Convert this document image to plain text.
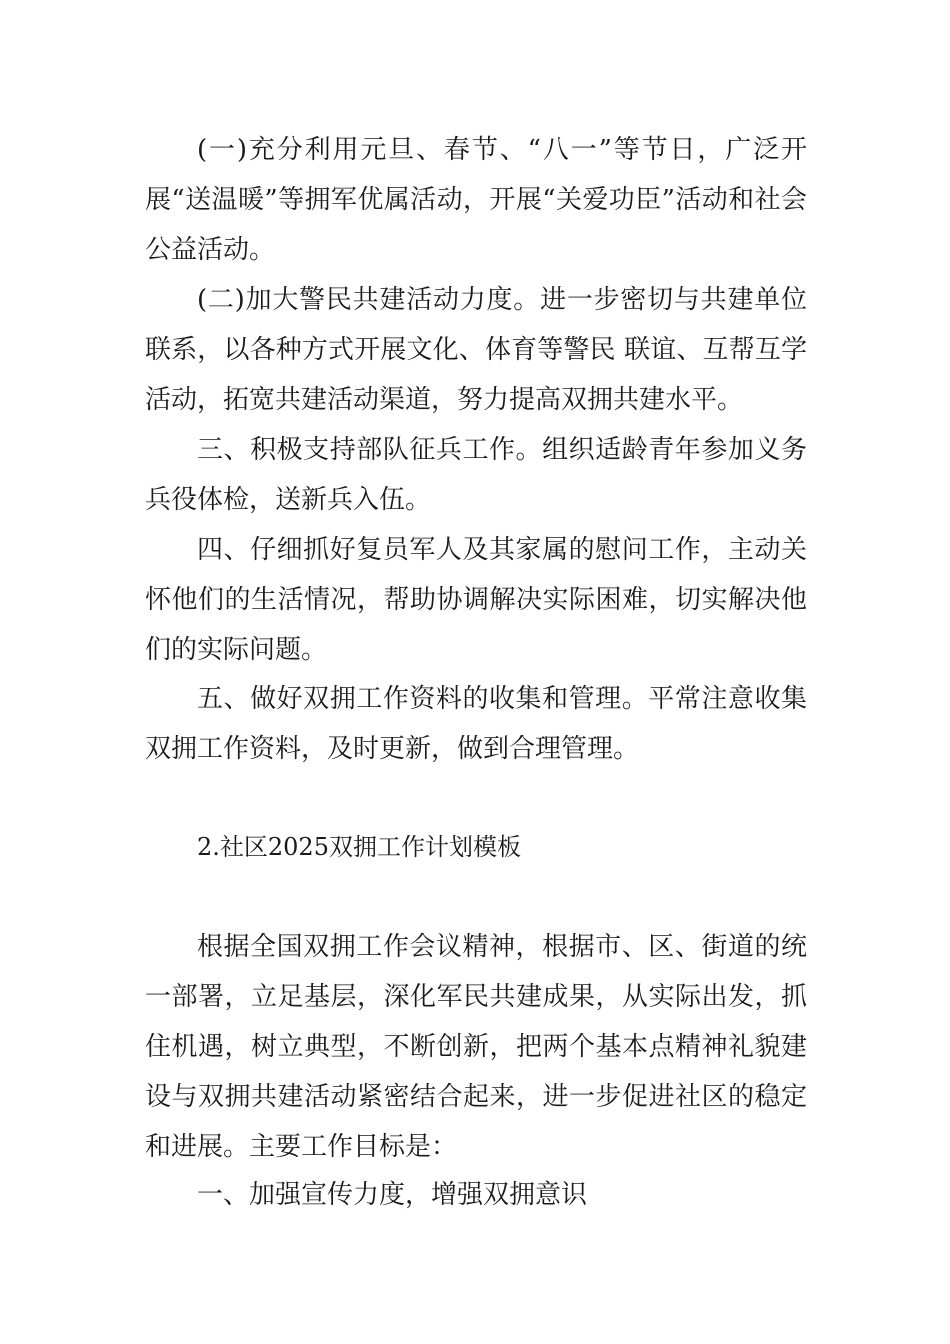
(一)充分利用元旦、春节、“八一”等节日，广泛开展“送温暖”等拥军优属活动，开展“关爱功臣”活动和社会公益活动。

(二)加大警民共建活动力度。进一步密切与共建单位联系，以各种方式开展文化、体育等警民 联谊、互帮互学活动，拓宽共建活动渠道，努力提高双拥共建水平。

三、积极支持部队征兵工作。组织适龄青年参加义务兵役体检，送新兵入伍。

四、仔细抓好复员军人及其家属的慰问工作，主动关怀他们的生活情况，帮助协调解决实际困难，切实解决他们的实际问题。

五、做好双拥工作资料的收集和管理。平常注意收集双拥工作资料，及时更新，做到合理管理。

2.社区2025双拥工作计划模板

根据全国双拥工作会议精神，根据市、区、街道的统一部署，立足基层，深化军民共建成果，从实际出发，抓住机遇，树立典型，不断创新，把两个基本点精神礼貌建设与双拥共建活动紧密结合起来，进一步促进社区的稳定和进展。主要工作目标是：

一、加强宣传力度，增强双拥意识
